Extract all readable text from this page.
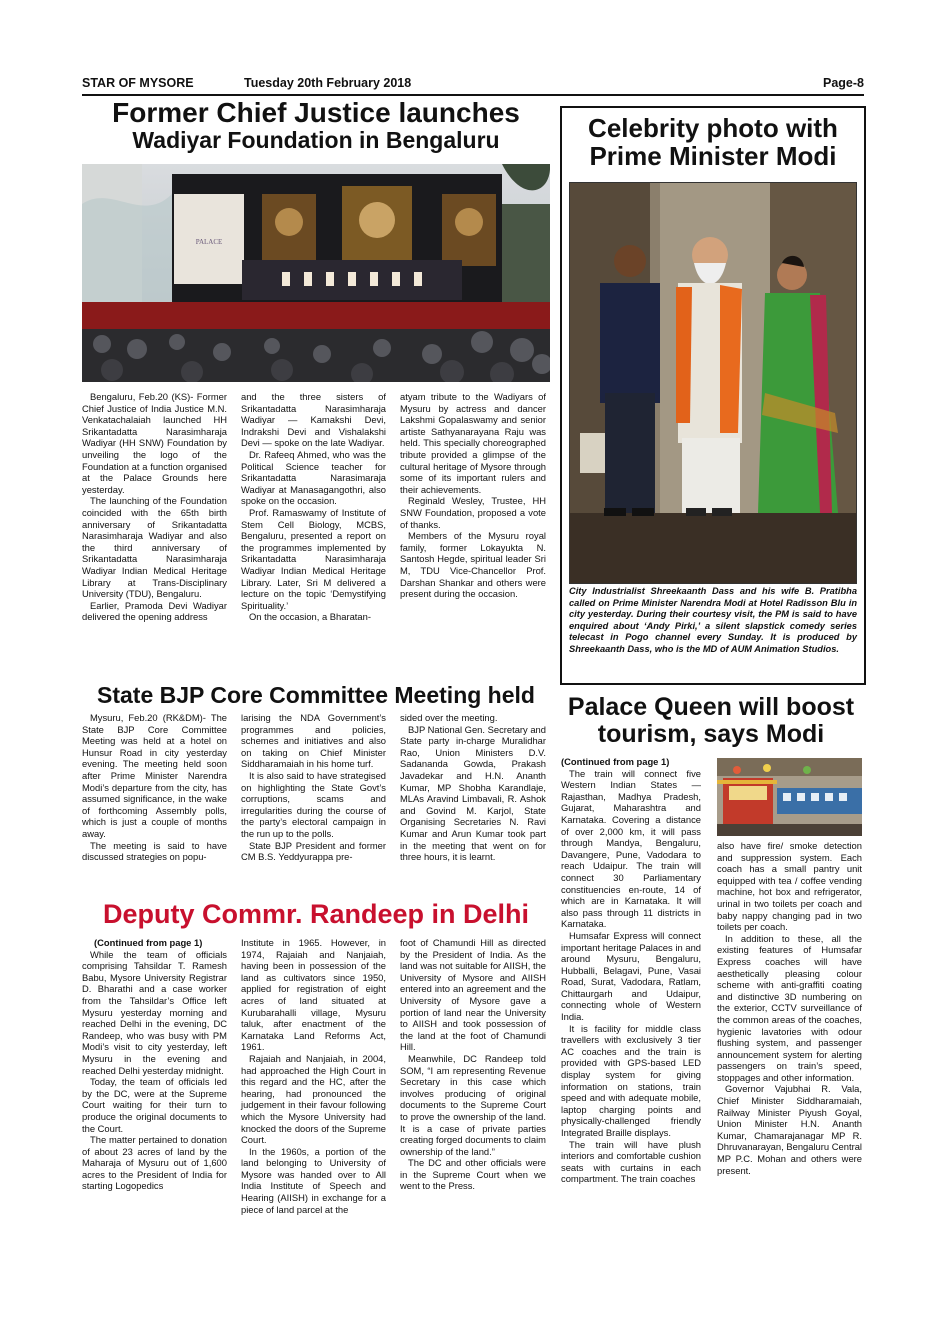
STAR OF MYSORE	Tuesday 20th February 2018	Page-8
Former Chief Justice launches
Wadiyar Foundation in Bengaluru
PALACE

Bengaluru, Feb.20 (KS)- Former Chief Justice of India Justice M.N. Venkatachalaiah launched HH Srikantadatta Narasimharaja Wadiyar (HH SNW) Foundation by unveiling the logo of the Foundation at a function organised at the Palace Grounds here yesterday.

The launching of the Foundation coincided with the 65th birth anniversary of Srikantadatta Narasimharaja Wadiyar and also the third anniversary of Srikantadatta Narasimharaja Wadiyar Indian Medical Heritage Library at Trans-Disciplinary University (TDU), Bengaluru.

Earlier, Pramoda Devi Wadiyar delivered the opening address

and the three sisters of Srikantadatta Narasimharaja Wadiyar — Kamakshi Devi, Indrakshi Devi and Vishalakshi Devi — spoke on the late Wadiyar.

Dr. Rafeeq Ahmed, who was the Political Science teacher for Srikantadatta Narasimaraja Wadiyar at Manasagangothri, also spoke on the occasion.

Prof. Ramaswamy of Institute of Stem Cell Biology, MCBS, Bengaluru, presented a report on the programmes implemented by Srikantadatta Narasimharaja Wadiyar Indian Medical Heritage Library. Later, Sri M delivered a lecture on the topic ‘Demystifying Spirituality.’

On the occasion, a Bharatan-

atyam tribute to the Wadiyars of Mysuru by actress and dancer Lakshmi Gopalaswamy and senior artiste Sathyanarayana Raju was held. This specially choreographed tribute provided a glimpse of the cultural heritage of Mysore through some of its important rulers and their achievements.

Reginald Wesley, Trustee, HH SNW Foundation, proposed a vote of thanks.

Members of the Mysuru royal family, former Lokayukta N. Santosh Hegde, spiritual leader Sri M, TDU Vice-Chancellor Prof. Darshan Shankar and others were present during the occasion.

Celebrity photo with
Prime Minister Modi
City Industrialist Shreekaanth Dass and his wife B. Pratibha called on Prime Minister Narendra Modi at Hotel Radisson Blu in city yesterday. During their courtesy visit, the PM is said to have enquired about ‘Andy Pirki,’ a silent slapstick comedy series telecast in Pogo channel every Sunday. It is produced by Shreekaanth Dass, who is the MD of AUM Animation Studios.
State BJP Core Committee Meeting held

Mysuru, Feb.20 (RK&DM)- The State BJP Core Committee Meeting was held at a hotel on Hunsur Road in city yesterday evening. The meeting held soon after Prime Minister Narendra Modi’s departure from the city, has assumed significance, in the wake of forthcoming Assembly polls, which is just a couple of months away.

The meeting is said to have discussed strategies on popu-

larising the NDA Government’s programmes and policies, schemes and initiatives and also on taking on Chief Minister Siddharamaiah in his home turf.

It is also said to have strategised on highlighting the State Govt’s corruptions, scams and irregularities during the course of the party’s electoral campaign in the run up to the polls.

State BJP President and former CM B.S. Yeddyurappa pre-

sided over the meeting.

BJP National Gen. Secretary and State party in-charge Muralidhar Rao, Union Ministers D.V. Sadananda Gowda, Prakash Javadekar and H.N. Ananth Kumar, MP Shobha Karandlaje, MLAs Aravind Limbavali, R. Ashok and Govind M. Karjol, State Organising Secretaries N. Ravi Kumar and Arun Kumar took part in the meeting that went on for three hours, it is learnt.

Deputy Commr. Randeep in Delhi

(Continued from page 1)

While the team of officials comprising Tahsildar T. Ramesh Babu, Mysore University Registrar D. Bharathi and a case worker from the Tahsildar’s Office left Mysuru yesterday morning and reached Delhi in the evening, DC Randeep, who was busy with PM Modi’s visit to city yesterday, left Mysuru in the evening and reached Delhi yesterday midnight.

Today, the team of officials led by the DC, were at the Supreme Court waiting for their turn to produce the original documents to the Court.

The matter pertained to donation of about 23 acres of land by the Maharaja of Mysuru out of 1,600 acres to the President of India for starting Logopedics

Institute in 1965. However, in 1974, Rajaiah and Nanjaiah, having been in possession of the land as cultivators since 1950, applied for registration of eight acres of land situated at Kurubarahalli village, Mysuru taluk, after enactment of the Karnataka Land Reforms Act, 1961.

Rajaiah and Nanjaiah, in 2004, had approached the High Court in this regard and the HC, after the hearing, had pronounced the judgement in their favour following which the Mysore University had knocked the doors of the Supreme Court.

In the 1960s, a portion of the land belonging to University of Mysore was handed over to All India Institute of Speech and Hearing (AIISH) in exchange for a piece of land parcel at the

foot of Chamundi Hill as directed by the President of India. As the land was not suitable for AIISH, the University of Mysore and AIISH entered into an agreement and the University of Mysore gave a portion of land near the University to AIISH and took possession of the land at the foot of Chamundi Hill.

Meanwhile, DC Randeep told SOM, “I am representing Revenue Secretary in this case which involves producing of original documents to the Supreme Court to prove the ownership of the land. It is a case of private parties creating forged documents to claim ownership of the land.”

The DC and other officials were in the Supreme Court when we went to the Press.

Palace Queen will boost
tourism, says Modi

(Continued from page 1)

The train will connect five Western Indian States — Rajasthan, Madhya Pradesh, Gujarat, Maharashtra and Karnataka. Covering a distance of over 2,000 km, it will pass through Mandya, Bengaluru, Davangere, Pune, Vadodara to reach Udaipur. The train will connect 30 Parliamentary constituencies en-route, 14 of which are in Karnataka. It will also pass through 11 districts in Karnataka.

Humsafar Express will connect important heritage Palaces in and around Mysuru, Bengaluru, Hubballi, Belagavi, Pune, Vasai Road, Surat, Vadodara, Ratlam, Chittaurgarh and Udaipur, connecting whole of Western India.

It is facility for middle class travellers with exclusively 3 tier AC coaches and the train is provided with GPS-based LED display system for giving information on stations, train speed and with adequate mobile, laptop charging points and physically-challenged friendly Integrated Braille displays.

The train will have plush interiors and comfortable cushion seats with curtains in each compartment. The train coaches

also have fire/ smoke detection and suppression system. Each coach has a small pantry unit equipped with tea / coffee vending machine, hot box and refrigerator, urinal in two toilets per coach and baby nappy changing pad in two toilets per coach.

In addition to these, all the existing features of Humsafar Express coaches will have aesthetically pleasing colour scheme with anti-graffiti coating and distinctive 3D numbering on the exterior, CCTV surveillance of the common areas of the coaches, hygienic lavatories with odour flushing system, and passenger announcement system for alerting passengers on train’s speed, stoppages and other information.

Governor Vajubhai R. Vala, Chief Minister Siddharamaiah, Railway Minister Piyush Goyal, Union Minister H.N. Ananth Kumar, Chamarajanagar MP R. Dhruvanarayan, Bengaluru Central MP P.C. Mohan and others were present.
